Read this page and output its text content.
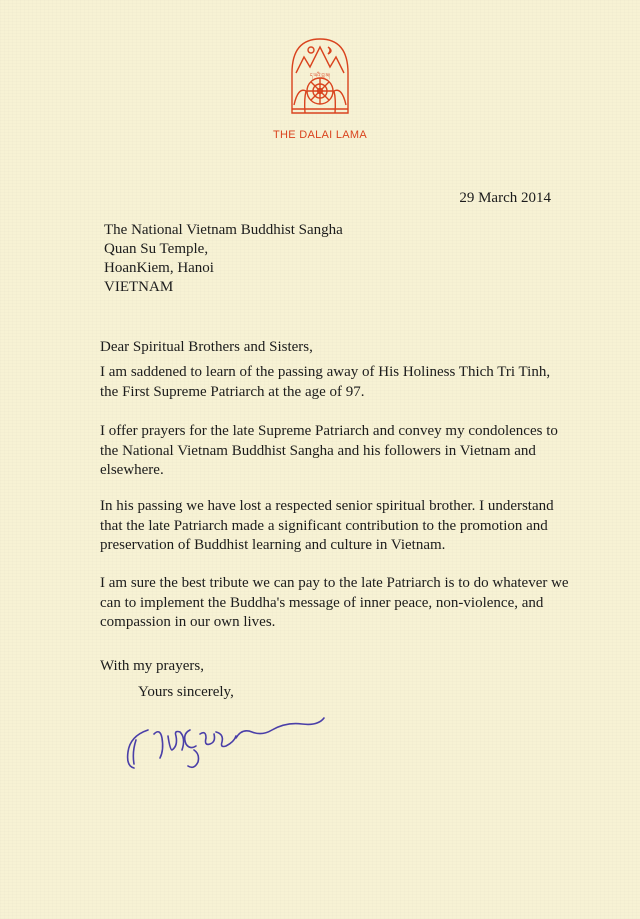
ད་ལའི་བླ་མ།
THE DALAI LAMA
29 March 2014
The National Vietnam Buddhist Sangha
Quan Su Temple,
HoanKiem, Hanoi
VIETNAM
Dear Spiritual Brothers and Sisters,

I am saddened to learn of the passing away of His Holiness Thich Tri Tinh, the First Supreme Patriarch at the age of 97.

I offer prayers for the late Supreme Patriarch and convey my condolences to the National Vietnam Buddhist Sangha and his followers in Vietnam and elsewhere.

In his passing we have lost a respected senior spiritual brother. I understand that the late Patriarch made a significant contribution to the promotion and preservation of Buddhist learning and culture in Vietnam.

I am sure the best tribute we can pay to the late Patriarch is to do whatever we can to implement the Buddha's message of inner peace, non-violence, and compassion in our own lives.

With my prayers,
Yours sincerely,
